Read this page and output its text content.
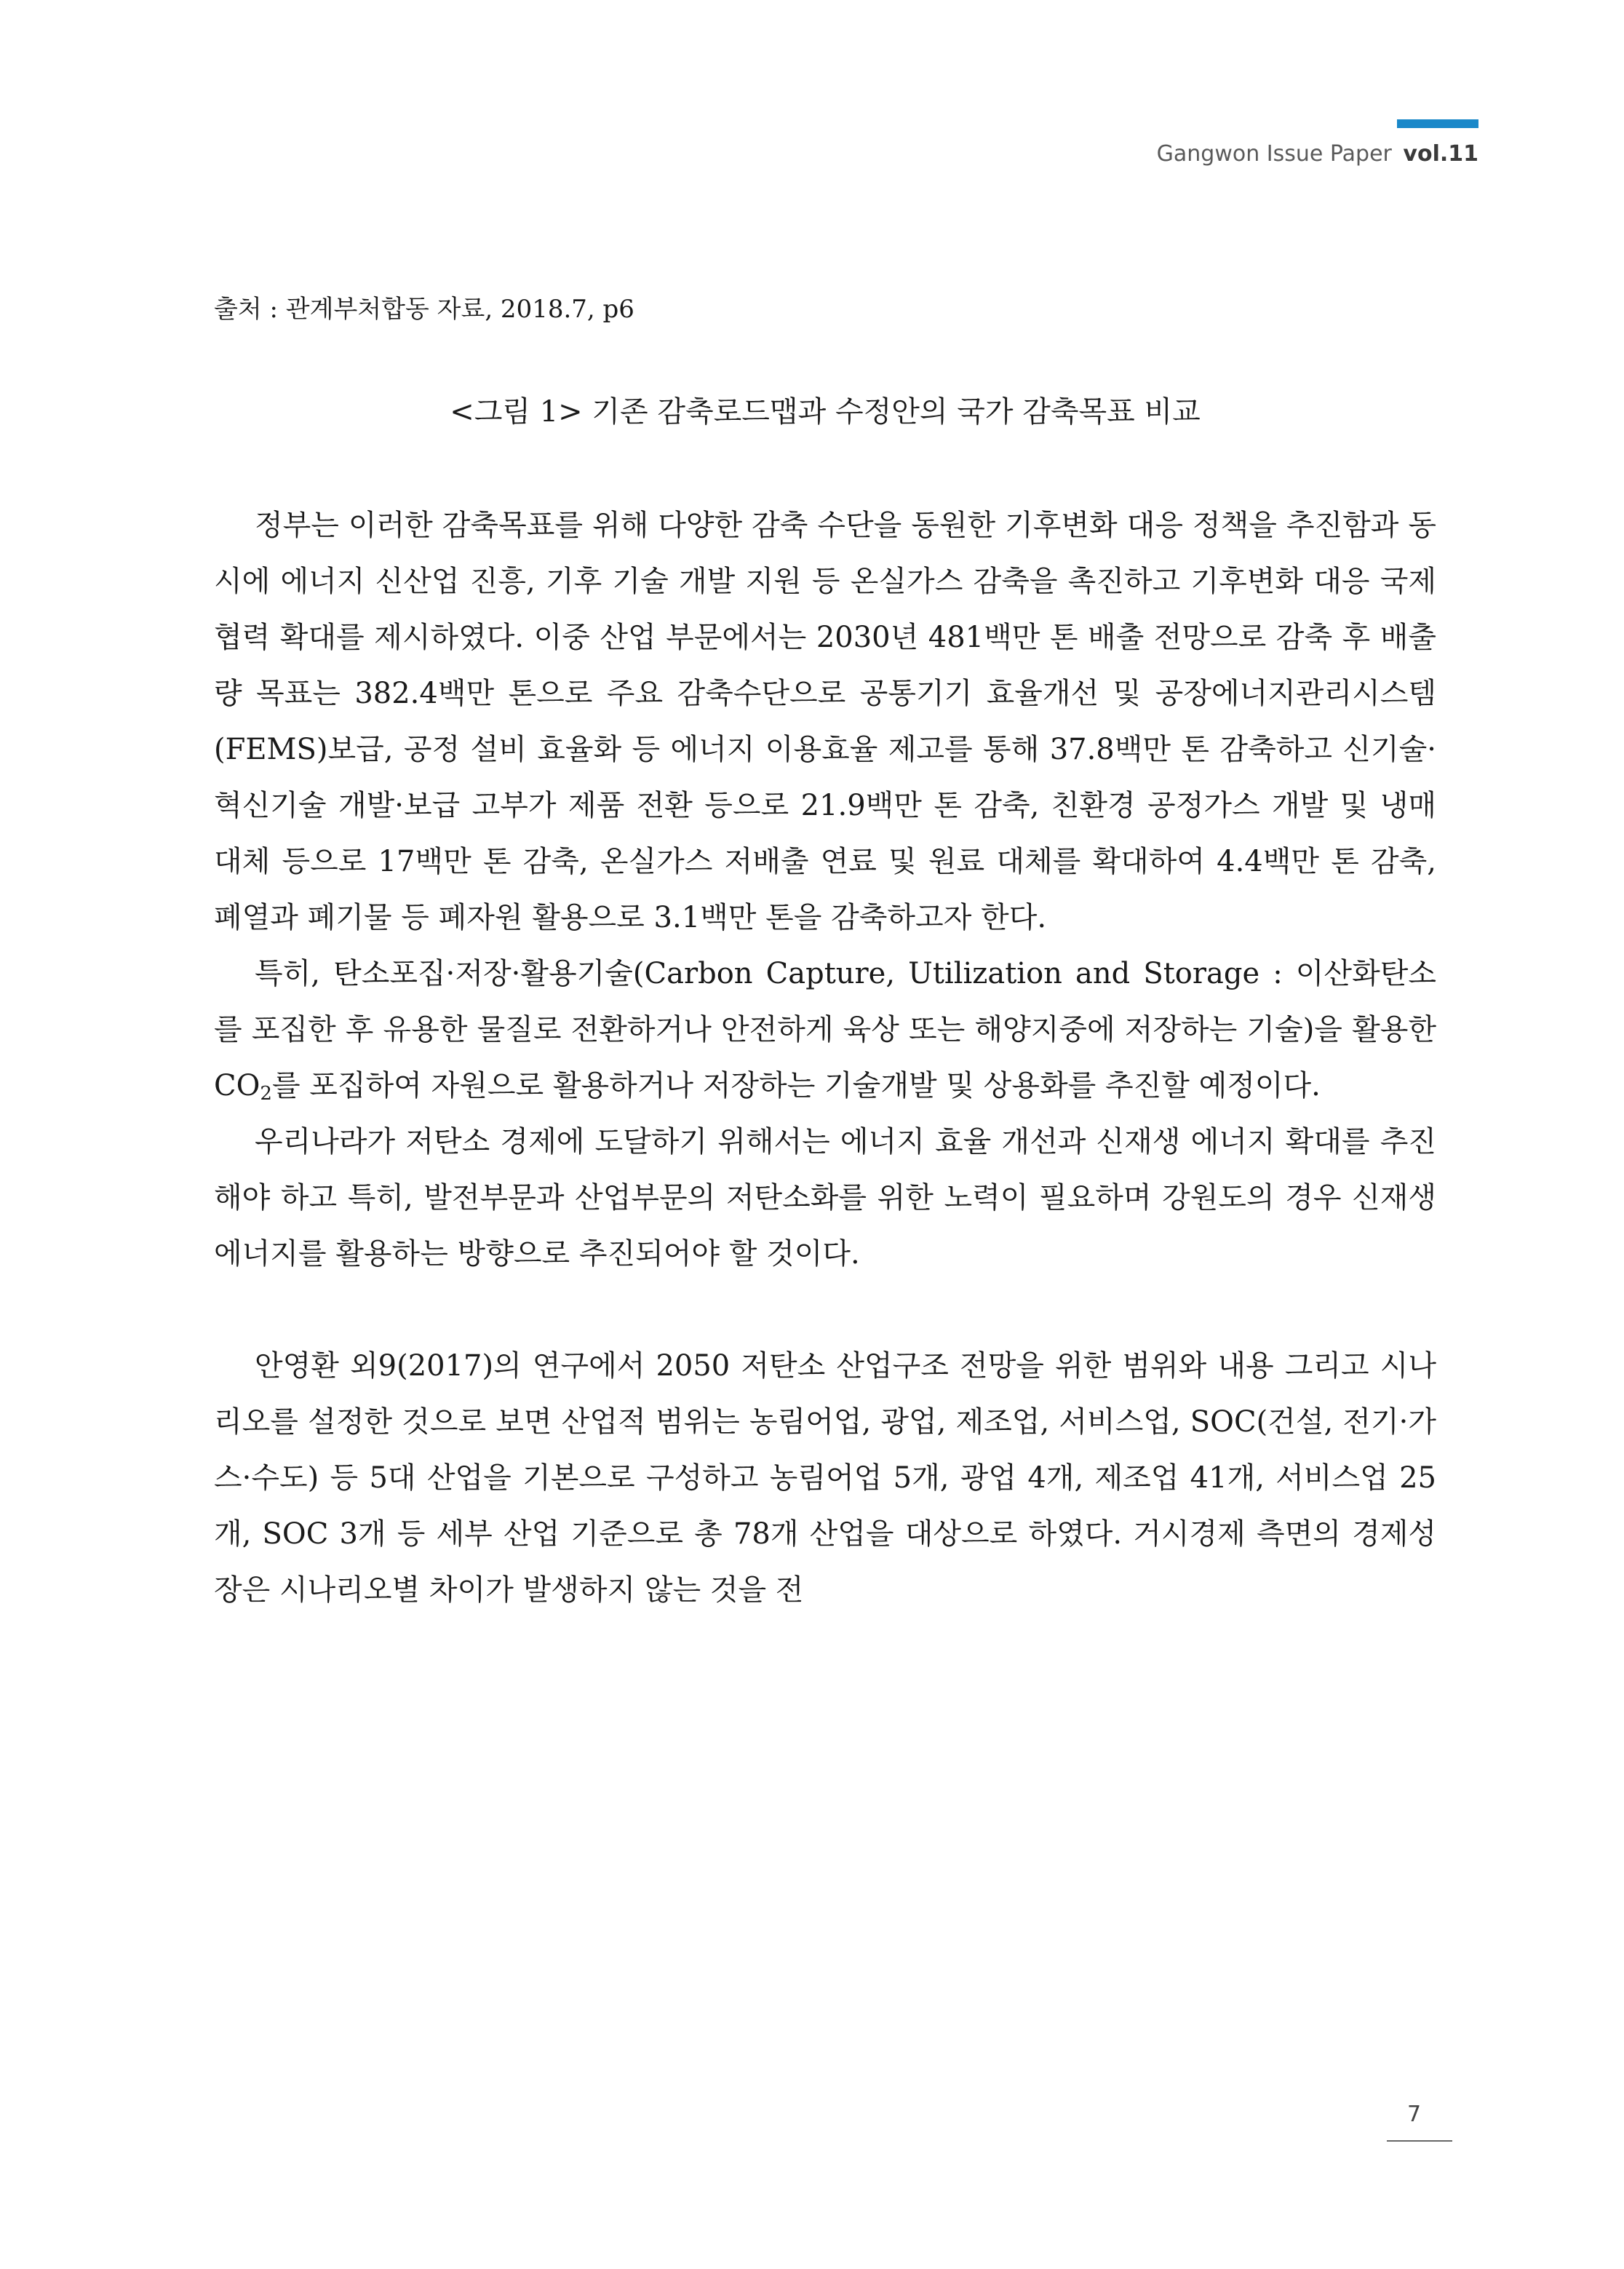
Gangwon Issue Paper vol.11

출처 : 관계부처합동 자료, 2018.7, p6

<그림 1> 기존 감축로드맵과 수정안의 국가 감축목표 비교

정부는 이러한 감축목표를 위해 다양한 감축 수단을 동원한 기후변화 대응 정책을 추진함과 동시에 에너지 신산업 진흥, 기후 기술 개발 지원 등 온실가스 감축을 촉진하고 기후변화 대응 국제협력 확대를 제시하였다. 이중 산업 부문에서는 2030년 481백만 톤 배출 전망으로 감축 후 배출량 목표는 382.4백만 톤으로 주요 감축수단으로 공통기기 효율개선 및 공장에너지관리시스템(FEMS)보급, 공정 설비 효율화 등 에너지 이용효율 제고를 통해 37.8백만 톤 감축하고 신기술·혁신기술 개발·보급 고부가 제품 전환 등으로 21.9백만 톤 감축, 친환경 공정가스 개발 및 냉매 대체 등으로 17백만 톤 감축, 온실가스 저배출 연료 및 원료 대체를 확대하여 4.4백만 톤 감축, 폐열과 폐기물 등 폐자원 활용으로 3.1백만 톤을 감축하고자 한다.

특히, 탄소포집·저장·활용기술(Carbon Capture, Utilization and Storage : 이산화탄소를 포집한 후 유용한 물질로 전환하거나 안전하게 육상 또는 해양지중에 저장하는 기술)을 활용한 $CO_2$를 포집하여 자원으로 활용하거나 저장하는 기술개발 및 상용화를 추진할 예정이다.

우리나라가 저탄소 경제에 도달하기 위해서는 에너지 효율 개선과 신재생 에너지 확대를 추진해야 하고 특히, 발전부문과 산업부문의 저탄소화를 위한 노력이 필요하며 강원도의 경우 신재생에너지를 활용하는 방향으로 추진되어야 할 것이다.

안영환 외9(2017)의 연구에서 2050 저탄소 산업구조 전망을 위한 범위와 내용 그리고 시나리오를 설정한 것으로 보면 산업적 범위는 농림어업, 광업, 제조업, 서비스업, SOC(건설, 전기·가스·수도) 등 5대 산업을 기본으로 구성하고 농림어업 5개, 광업 4개, 제조업 41개, 서비스업 25개, SOC 3개 등 세부 산업 기준으로 총 78개 산업을 대상으로 하였다. 거시경제 측면의 경제성장은 시나리오별 차이가 발생하지 않는 것을 전

7
